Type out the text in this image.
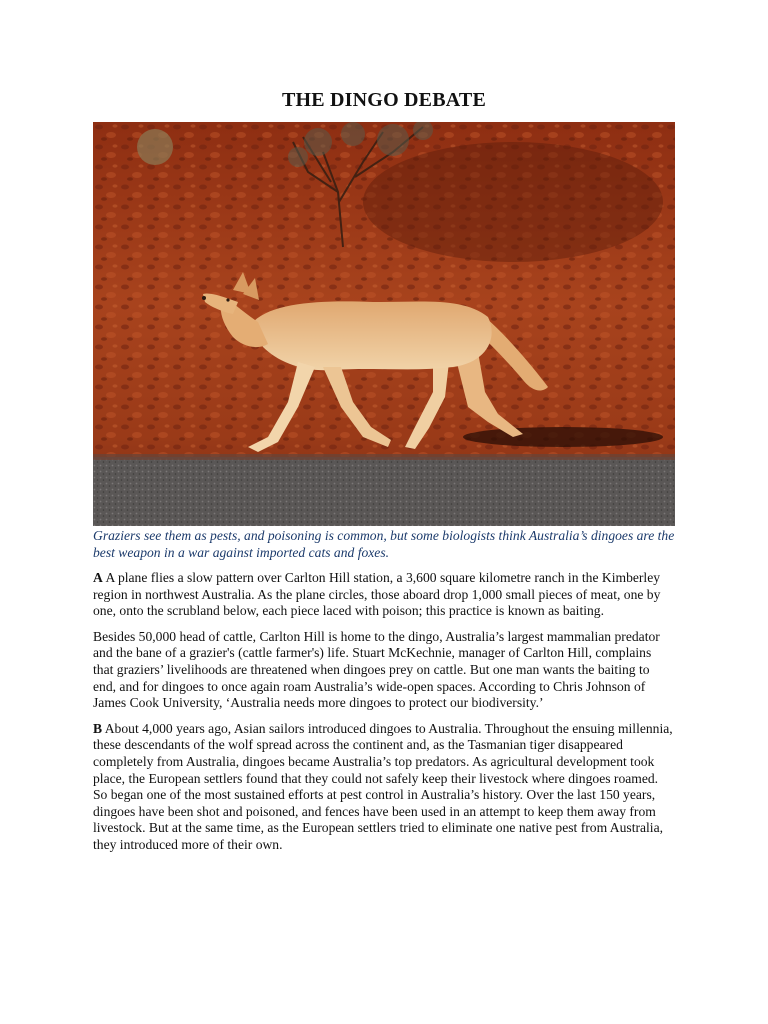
THE DINGO DEBATE

Graziers see them as pests, and poisoning is common, but some biologists think Australia’s dingoes are the best weapon in a war against imported cats and foxes.

A A plane flies a slow pattern over Carlton Hill station, a 3,600 square kilometre ranch in the Kimberley region in northwest Australia. As the plane circles, those aboard drop 1,000 small pieces of meat, one by one, onto the scrubland below, each piece laced with poison; this practice is known as baiting.

Besides 50,000 head of cattle, Carlton Hill is home to the dingo, Australia’s largest mammalian predator and the bane of a grazier's (cattle farmer's) life. Stuart McKechnie, manager of Carlton Hill, complains that graziers’ livelihoods are threatened when dingoes prey on cattle. But one man wants the baiting to end, and for dingoes to once again roam Australia’s wide-open spaces. According to Chris Johnson of James Cook University, ‘Australia needs more dingoes to protect our biodiversity.’

B About 4,000 years ago, Asian sailors introduced dingoes to Australia. Throughout the ensuing millennia, these descendants of the wolf spread across the continent and, as the Tasmanian tiger disappeared completely from Australia, dingoes became Australia’s top predators. As agricultural development took place, the European settlers found that they could not safely keep their livestock where dingoes roamed. So began one of the most sustained efforts at pest control in Australia’s history. Over the last 150 years, dingoes have been shot and poisoned, and fences have been used in an attempt to keep them away from livestock. But at the same time, as the European settlers tried to eliminate one native pest from Australia, they introduced more of their own.
